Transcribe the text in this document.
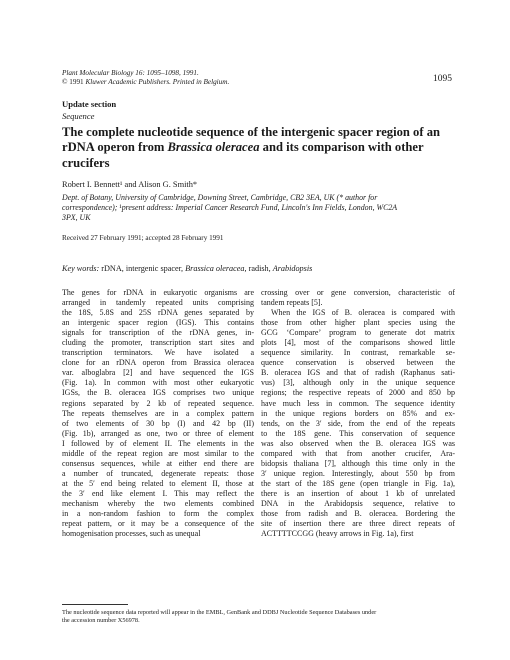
Plant Molecular Biology 16: 1095–1098, 1991.
© 1991 Kluwer Academic Publishers. Printed in Belgium.	1095
Update section
Sequence
The complete nucleotide sequence of the intergenic spacer region of an rDNA operon from Brassica oleracea and its comparison with other crucifers
Robert I. Bennett¹ and Alison G. Smith*
Dept. of Botany, University of Cambridge, Downing Street, Cambridge, CB2 3EA, UK (* author for
correspondence); ¹present address: Imperial Cancer Research Fund, Lincoln's Inn Fields, London, WC2A
3PX, UK
Received 27 February 1991; accepted 28 February 1991
Key words: rDNA, intergenic spacer, Brassica oleracea, radish, Arabidopsis
The genes for rDNA in eukaryotic organisms are
arranged in tandemly repeated units comprising
the 18S, 5.8S and 25S rDNA genes separated by
an intergenic spacer region (IGS). This contains
signals for transcription of the rDNA genes, in-
cluding the promoter, transcription start sites and
transcription terminators. We have isolated a
clone for an rDNA operon from Brassica oleracea
var. alboglabra [2] and have sequenced the IGS
(Fig. 1a). In common with most other eukaryotic
IGSs, the B. oleracea IGS comprises two unique
regions separated by 2 kb of repeated sequence.
The repeats themselves are in a complex pattern
of two elements of 30 bp (I) and 42 bp (II)
(Fig. 1b), arranged as one, two or three of element
I followed by of element II. The elements in the
middle of the repeat region are most similar to the
consensus sequences, while at either end there are
a number of truncated, degenerate repeats: those
at the 5′ end being related to element II, those at
the 3′ end like element I. This may reflect the
mechanism whereby the two elements combined
in a non-random fashion to form the complex
repeat pattern, or it may be a consequence of the
homogenisation processes, such as unequal
crossing over or gene conversion, characteristic of
tandem repeats [5].
When the IGS of B. oleracea is compared with
those from other higher plant species using the
GCG ‘Compare’ program to generate dot matrix
plots [4], most of the comparisons showed little
sequence similarity. In contrast, remarkable se-
quence conservation is observed between the
B. oleracea IGS and that of radish (Raphanus sati-
vus) [3], although only in the unique sequence
regions; the respective repeats of 2000 and 850 bp
have much less in common. The sequence identity
in the unique regions borders on 85% and ex-
tends, on the 3′ side, from the end of the repeats
to the 18S gene. This conservation of sequence
was also observed when the B. oleracea IGS was
compared with that from another crucifer, Ara-
bidopsis thaliana [7], although this time only in the
3′ unique region. Interestingly, about 550 bp from
the start of the 18S gene (open triangle in Fig. 1a),
there is an insertion of about 1 kb of unrelated
DNA in the Arabidopsis sequence, relative to
those from radish and B. oleracea. Bordering the
site of insertion there are three direct repeats of
ACTTTTCCGG (heavy arrows in Fig. 1a), first
The nucleotide sequence data reported will appear in the EMBL, GenBank and DDBJ Nucleotide Sequence Databases under
the accession number X56978.
